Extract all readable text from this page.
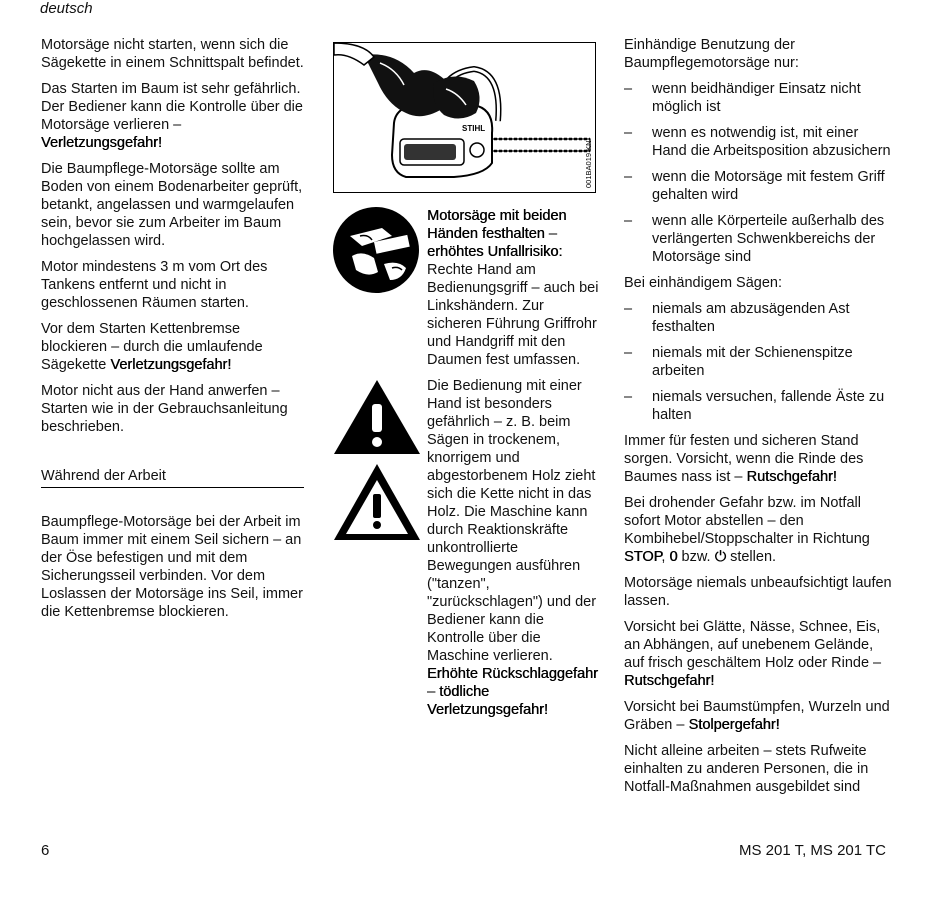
deutsch

Motorsäge nicht starten, wenn sich die Sägekette in einem Schnittspalt befindet.

Das Starten im Baum ist sehr gefährlich. Der Bediener kann die Kontrolle über die Motorsäge verlieren –
Verletzungsgefahr!

Die Baumpflege-Motorsäge sollte am Boden von einem Bodenarbeiter geprüft, betankt, angelassen und warmgelaufen sein, bevor sie zum Arbeiter im Baum hochgelassen wird.

Motor mindestens 3 m vom Ort des Tankens entfernt und nicht in geschlossenen Räumen starten.

Vor dem Starten Kettenbremse blockieren – durch die umlaufende Sägekette Verletzungsgefahr!

Motor nicht aus der Hand anwerfen – Starten wie in der Gebrauchsanleitung beschrieben.

Während der Arbeit

Baumpflege-Motorsäge bei der Arbeit im Baum immer mit einem Seil sichern – an der Öse befestigen und mit dem Sicherungsseil verbinden. Vor dem Loslassen der Motorsäge ins Seil, immer die Kettenbremse blockieren.

STIHL
001BA019 KN

Motorsäge mit beiden Händen festhalten – erhöhtes Unfallrisiko:
Rechte Hand am Bedienungsgriff – auch bei Linkshändern. Zur sicheren Führung Griffrohr und Handgriff mit den Daumen fest umfassen.

Die Bedienung mit einer Hand ist besonders gefährlich – z. B. beim Sägen in trockenem, knorrigem und abgestorbenem Holz zieht sich die Kette nicht in das Holz. Die Maschine kann durch Reaktionskräfte unkontrollierte Bewegungen ausführen ("tanzen", "zurückschlagen") und der Bediener kann die Kontrolle über die Maschine verlieren.
Erhöhte Rückschlaggefahr – tödliche Verletzungsgefahr!

Einhändige Benutzung der Baumpflegemotorsäge nur:

–	wenn beidhändiger Einsatz nicht möglich ist
–	wenn es notwendig ist, mit einer Hand die Arbeitsposition abzusichern
–	wenn die Motorsäge mit festem Griff gehalten wird
–	wenn alle Körperteile außerhalb des verlängerten Schwenkbereichs der Motorsäge sind

Bei einhändigem Sägen:

–	niemals am abzusägenden Ast festhalten
–	niemals mit der Schienenspitze arbeiten
–	niemals versuchen, fallende Äste zu halten

Immer für festen und sicheren Stand sorgen. Vorsicht, wenn die Rinde des Baumes nass ist – Rutschgefahr!

Bei drohender Gefahr bzw. im Notfall sofort Motor abstellen – den Kombihebel/Stoppschalter in Richtung STOP, 0 bzw. ⏻ stellen.

Motorsäge niemals unbeaufsichtigt laufen lassen.

Vorsicht bei Glätte, Nässe, Schnee, Eis, an Abhängen, auf unebenem Gelände, auf frisch geschältem Holz oder Rinde –
Rutschgefahr!

Vorsicht bei Baumstümpfen, Wurzeln und Gräben – Stolpergefahr!

Nicht alleine arbeiten – stets Rufweite einhalten zu anderen Personen, die in Notfall-Maßnahmen ausgebildet sind

6	MS 201 T, MS 201 TC
